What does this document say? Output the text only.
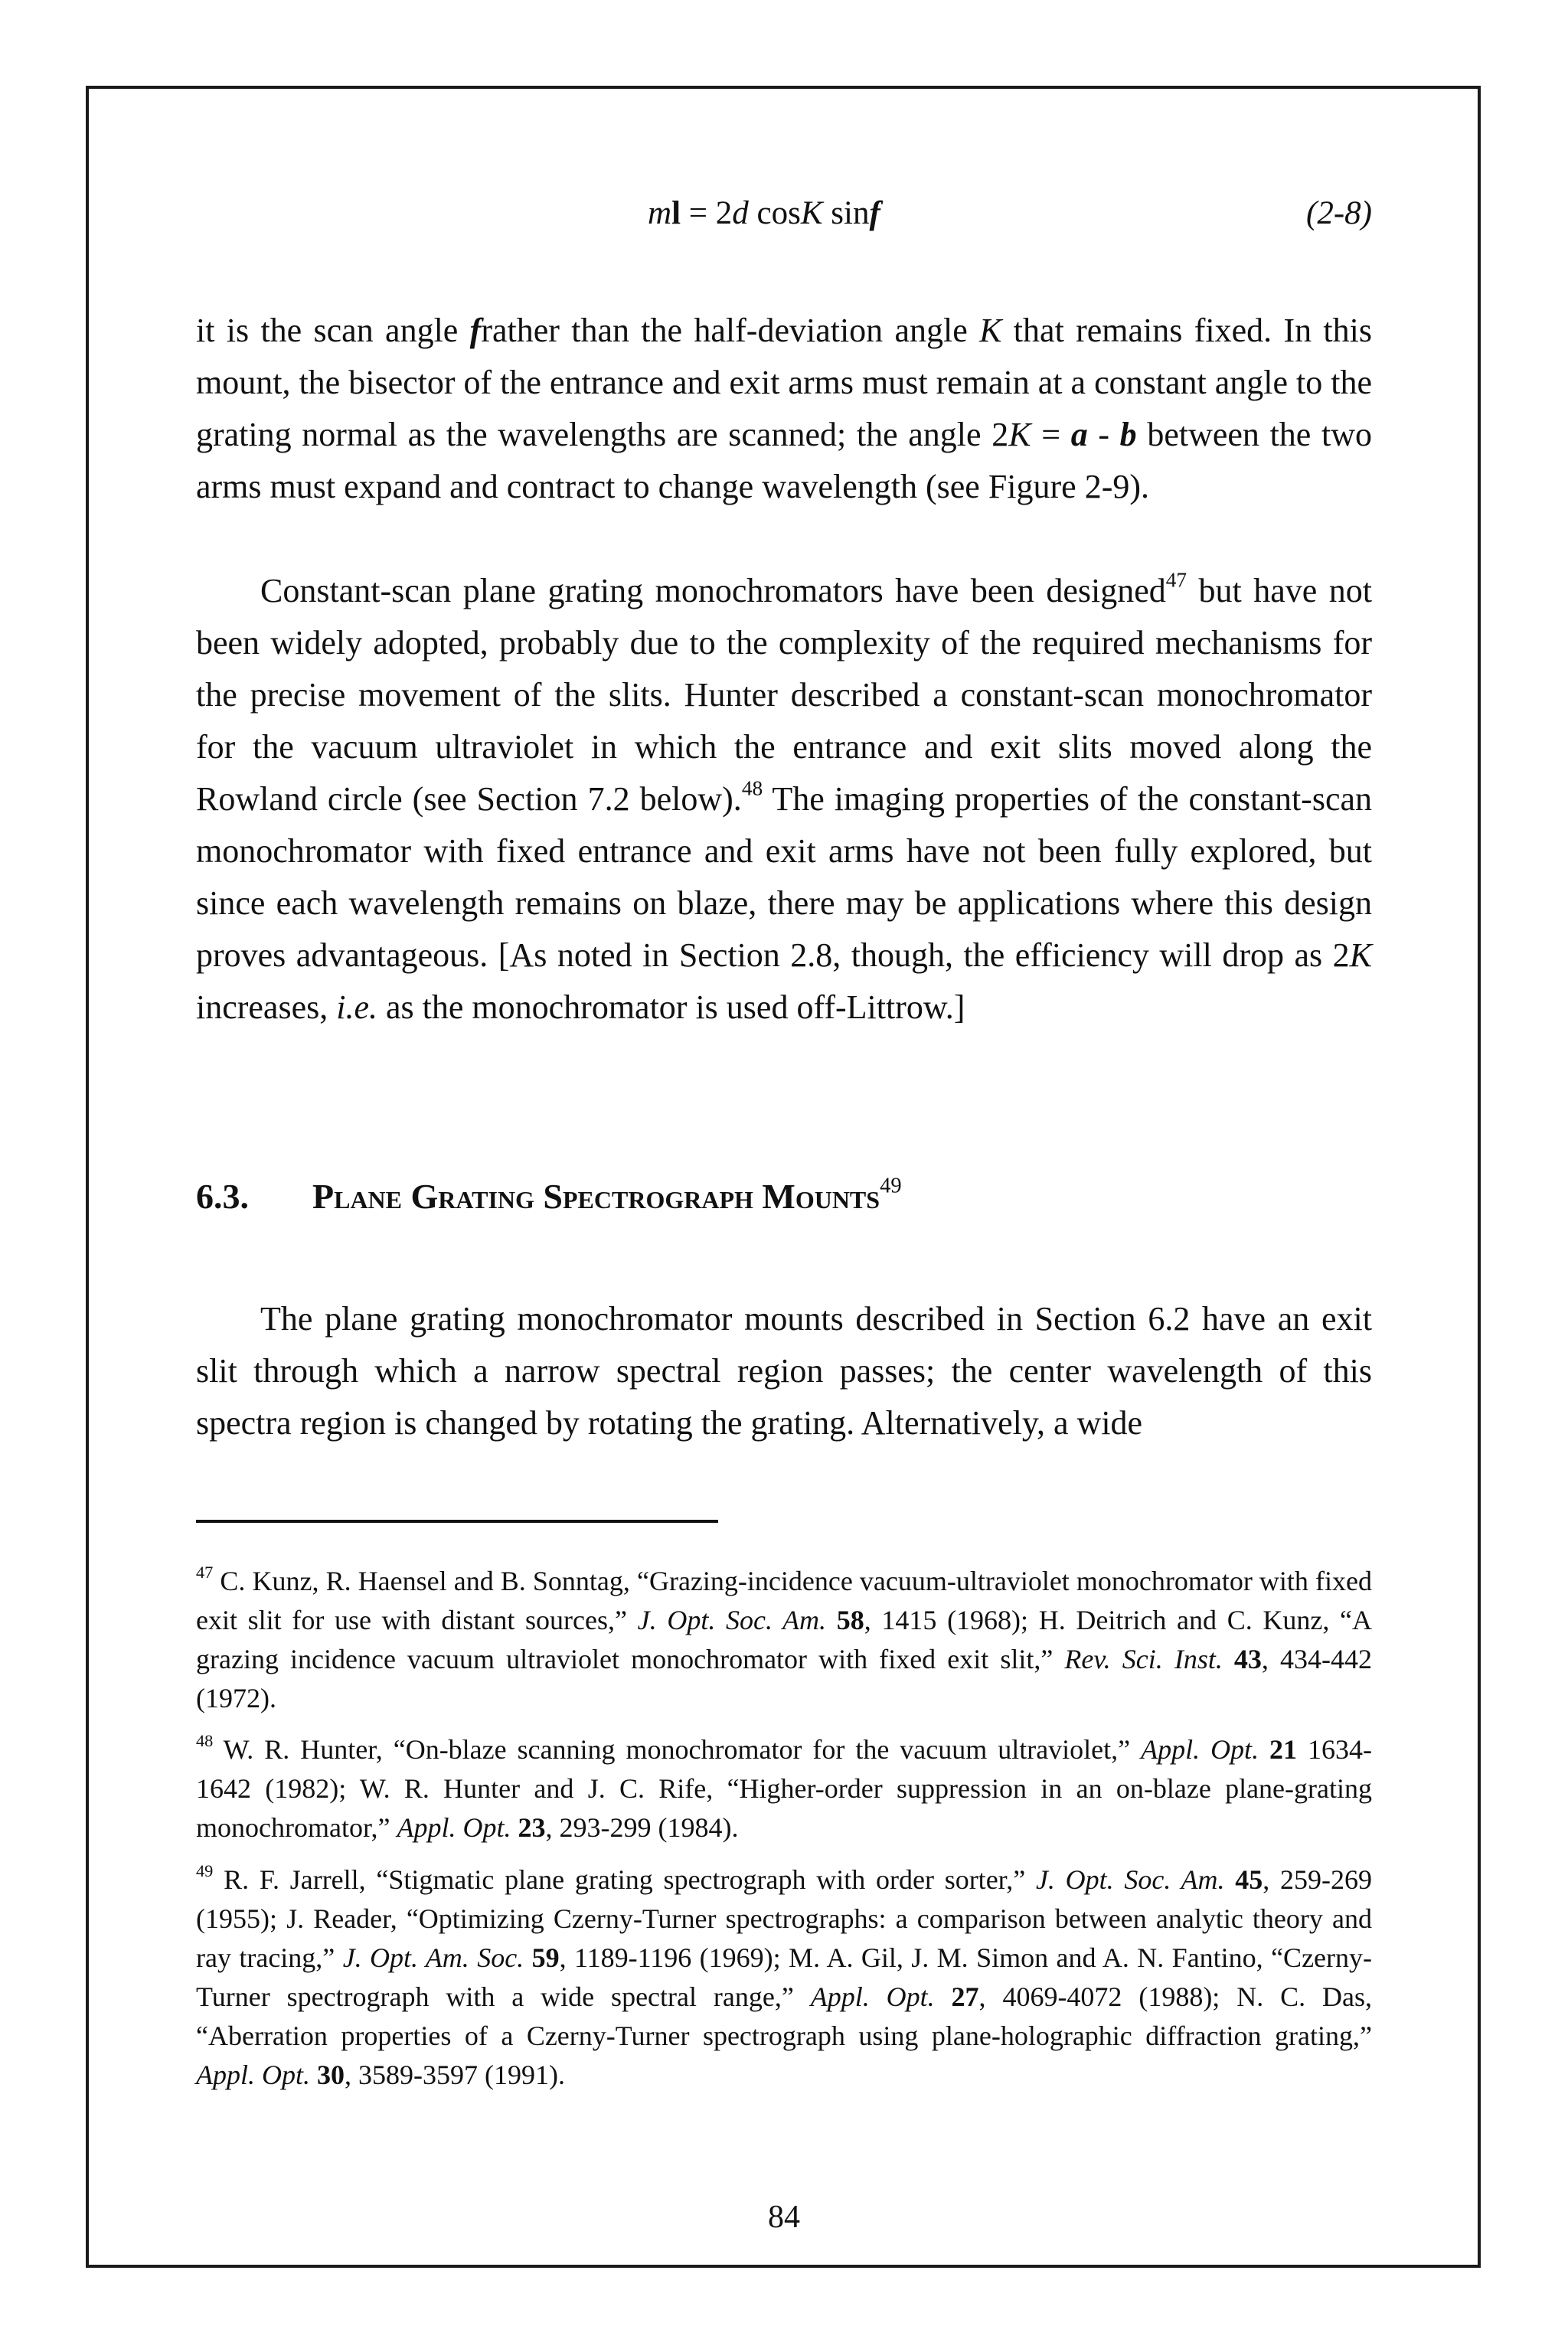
ml = 2d cosK sinf	(2-8)

it is the scan angle frather than the half-deviation angle K that remains fixed. In this mount, the bisector of the entrance and exit arms must remain at a constant angle to the grating normal as the wavelengths are scanned; the angle 2K = a - b between the two arms must expand and contract to change wavelength (see Figure 2-9).

Constant-scan plane grating monochromators have been designed$^{47}$ but have not been widely adopted, probably due to the complexity of the required mechanisms for the precise movement of the slits. Hunter described a constant-scan monochromator for the vacuum ultraviolet in which the entrance and exit slits moved along the Rowland circle (see Section 7.2 below).$^{48}$ The imaging properties of the constant-scan monochromator with fixed entrance and exit arms have not been fully explored, but since each wavelength remains on blaze, there may be applications where this design proves advantageous. [As noted in Section 2.8, though, the efficiency will drop as 2K increases, i.e. as the monochromator is used off-Littrow.]

6.3. Plane Grating Spectrograph Mounts$^{49}$

The plane grating monochromator mounts described in Section 6.2 have an exit slit through which a narrow spectral region passes; the center wavelength of this spectra region is changed by rotating the grating. Alternatively, a wide

$^{47}$ C. Kunz, R. Haensel and B. Sonntag, “Grazing-incidence vacuum-ultraviolet monochromator with fixed exit slit for use with distant sources,” J. Opt. Soc. Am. 58, 1415 (1968); H. Deitrich and C. Kunz, “A grazing incidence vacuum ultraviolet monochromator with fixed exit slit,” Rev. Sci. Inst. 43, 434-442 (1972).

$^{48}$ W. R. Hunter, “On-blaze scanning monochromator for the vacuum ultraviolet,” Appl. Opt. 21 1634-1642 (1982); W. R. Hunter and J. C. Rife, “Higher-order suppression in an on-blaze plane-grating monochromator,” Appl. Opt. 23, 293-299 (1984).

$^{49}$ R. F. Jarrell, “Stigmatic plane grating spectrograph with order sorter,” J. Opt. Soc. Am. 45, 259-269 (1955); J. Reader, “Optimizing Czerny-Turner spectrographs: a comparison between analytic theory and ray tracing,” J. Opt. Am. Soc. 59, 1189-1196 (1969); M. A. Gil, J. M. Simon and A. N. Fantino, “Czerny-Turner spectrograph with a wide spectral range,” Appl. Opt. 27, 4069-4072 (1988); N. C. Das, “Aberration properties of a Czerny-Turner spectrograph using plane-holographic diffraction grating,” Appl. Opt. 30, 3589-3597 (1991).

84
